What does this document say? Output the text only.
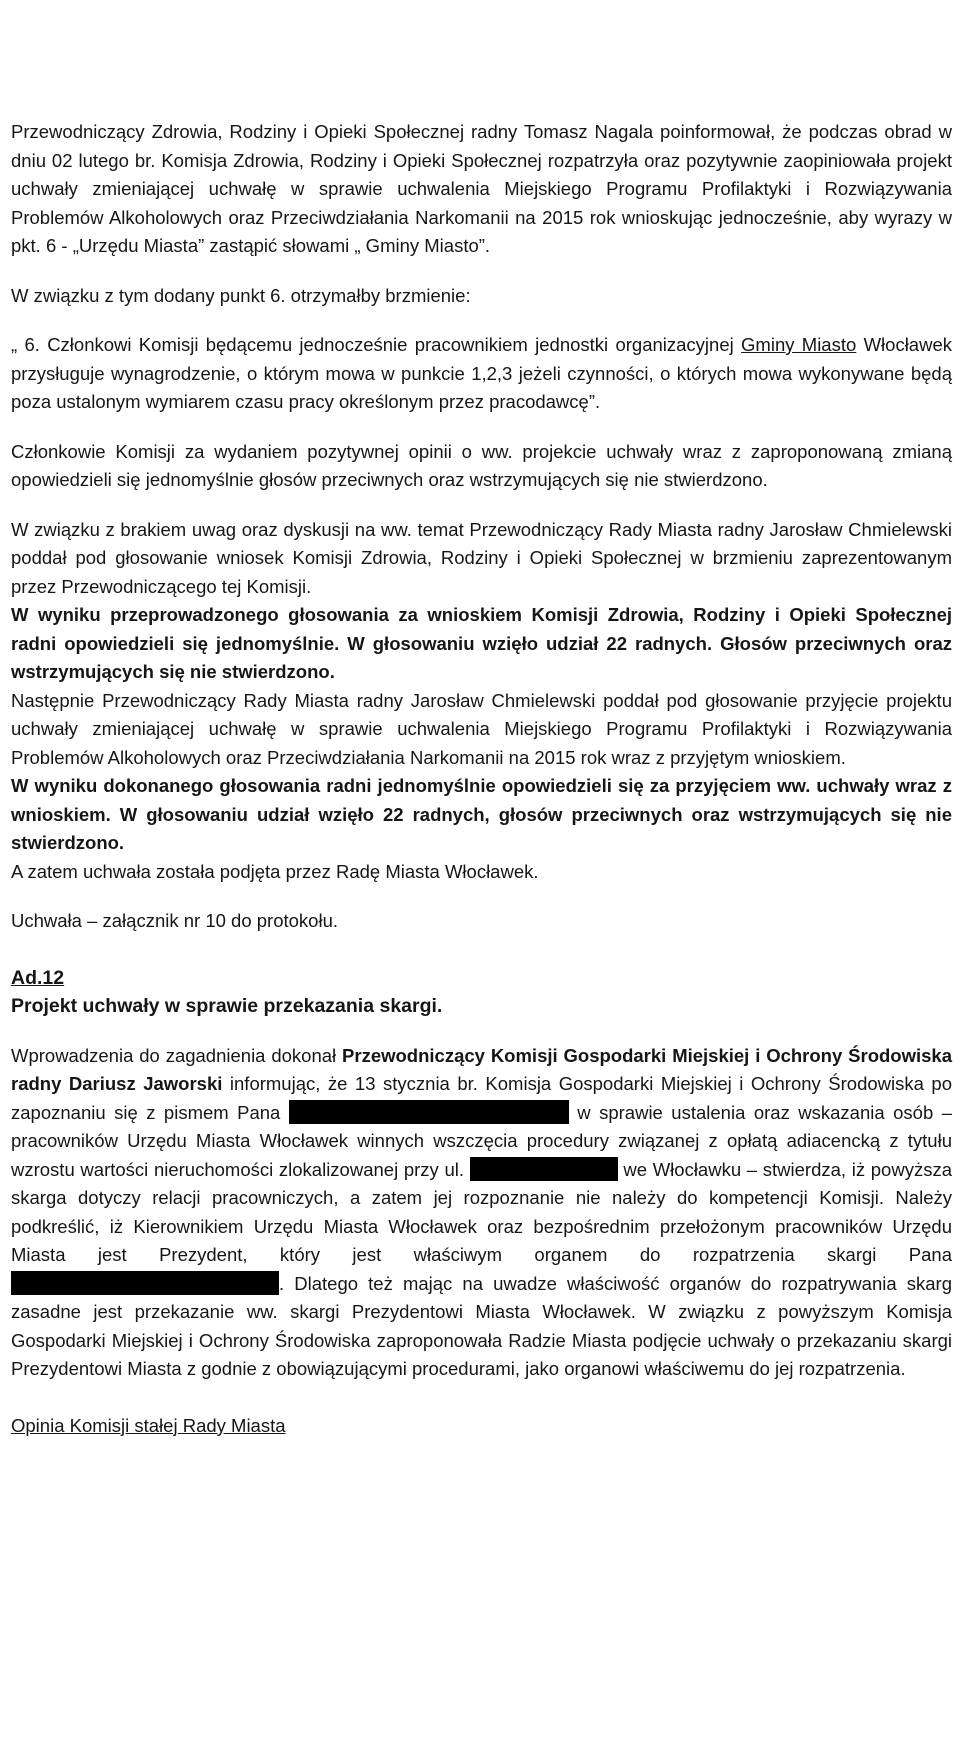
Przewodniczący Zdrowia, Rodziny i Opieki Społecznej radny Tomasz Nagala poinformował, że podczas obrad w dniu 02 lutego br. Komisja Zdrowia, Rodziny i Opieki Społecznej rozpatrzyła oraz pozytywnie zaopiniowała projekt uchwały zmieniającej uchwałę w sprawie uchwalenia Miejskiego Programu Profilaktyki i Rozwiązywania Problemów Alkoholowych oraz Przeciwdziałania Narkomanii na 2015 rok wnioskując jednocześnie, aby wyrazy w pkt. 6 - „Urzędu Miasta” zastąpić słowami „ Gminy Miasto”.

W związku z tym dodany punkt 6. otrzymałby brzmienie:

„ 6. Członkowi Komisji będącemu jednocześnie pracownikiem jednostki organizacyjnej Gminy Miasto Włocławek przysługuje wynagrodzenie, o którym mowa w punkcie 1,2,3 jeżeli czynności, o których mowa wykonywane będą poza ustalonym wymiarem czasu pracy określonym przez pracodawcę”.

Członkowie Komisji za wydaniem pozytywnej opinii o ww. projekcie uchwały wraz z zaproponowaną zmianą opowiedzieli się jednomyślnie głosów przeciwnych oraz wstrzymujących się nie stwierdzono.

W związku z brakiem uwag oraz dyskusji na ww. temat Przewodniczący Rady Miasta radny Jarosław Chmielewski poddał pod głosowanie wniosek Komisji Zdrowia, Rodziny i Opieki Społecznej w brzmieniu zaprezentowanym przez Przewodniczącego tej Komisji.

W wyniku przeprowadzonego głosowania za wnioskiem Komisji Zdrowia, Rodziny i Opieki Społecznej radni opowiedzieli się jednomyślnie. W głosowaniu wzięło udział 22 radnych. Głosów przeciwnych oraz wstrzymujących się nie stwierdzono.

Następnie Przewodniczący Rady Miasta radny Jarosław Chmielewski poddał pod głosowanie przyjęcie projektu uchwały zmieniającej uchwałę w sprawie uchwalenia Miejskiego Programu Profilaktyki i Rozwiązywania Problemów Alkoholowych oraz Przeciwdziałania Narkomanii na 2015 rok wraz z przyjętym wnioskiem.

W wyniku dokonanego głosowania radni jednomyślnie opowiedzieli się za przyjęciem ww. uchwały wraz z wnioskiem. W głosowaniu udział wzięło 22 radnych, głosów przeciwnych oraz wstrzymujących się nie stwierdzono.

A zatem uchwała została podjęta przez Radę Miasta Włocławek.

Uchwała – załącznik nr 10 do protokołu.

Ad.12

Projekt uchwały w sprawie przekazania skargi.

Wprowadzenia do zagadnienia dokonał Przewodniczący Komisji Gospodarki Miejskiej i Ochrony Środowiska radny Dariusz Jaworski informując, że 13 stycznia br. Komisja Gospodarki Miejskiej i Ochrony Środowiska po zapoznaniu się z pismem Pana	w sprawie ustalenia oraz wskazania osób – pracowników Urzędu Miasta Włocławek winnych wszczęcia procedury związanej z opłatą adiacencką z tytułu wzrostu wartości nieruchomości zlokalizowanej przy ul.	we Włocławku – stwierdza, iż powyższa skarga dotyczy relacji pracowniczych, a zatem jej rozpoznanie nie należy do kompetencji Komisji. Należy podkreślić, iż Kierownikiem Urzędu Miasta Włocławek oraz bezpośrednim przełożonym pracowników Urzędu Miasta jest Prezydent, który jest właściwym organem do rozpatrzenia skargi Pana . Dlatego też mając na uwadze właściwość organów do rozpatrywania skarg zasadne jest przekazanie ww. skargi Prezydentowi Miasta Włocławek. W związku z powyższym Komisja Gospodarki Miejskiej i Ochrony Środowiska zaproponowała Radzie Miasta podjęcie uchwały o przekazaniu skargi Prezydentowi Miasta z godnie z obowiązującymi procedurami, jako organowi właściwemu do jej rozpatrzenia.

Opinia Komisji stałej Rady Miasta
